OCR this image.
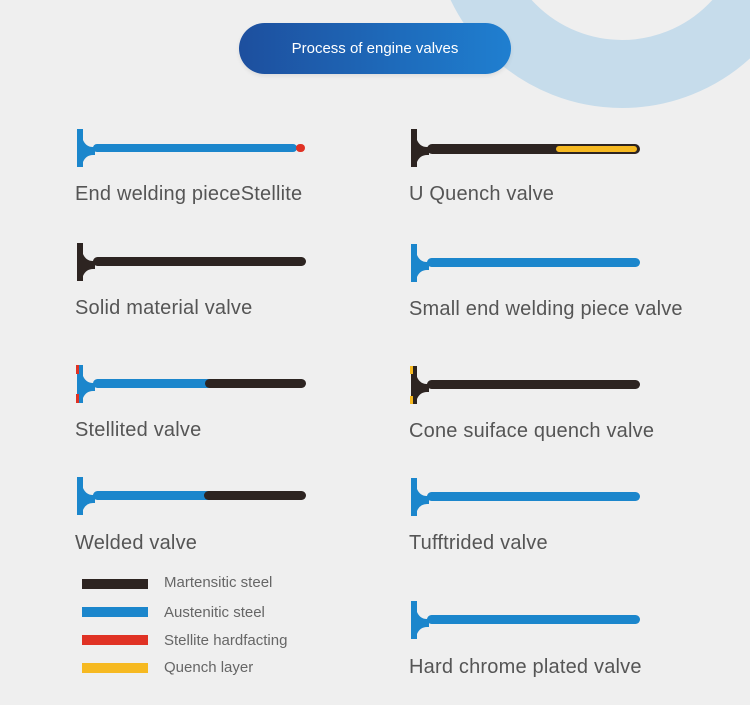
Process of engine valves
End welding pieceStellite	U Quench valve
Solid material valve	Small end welding piece valve
Stellited valve	Cone suiface quench valve
Welded valve	Tufftrided valve
Hard chrome plated valve
Martensitic steel
Austenitic steel
Stellite hardfacting
Quench layer
